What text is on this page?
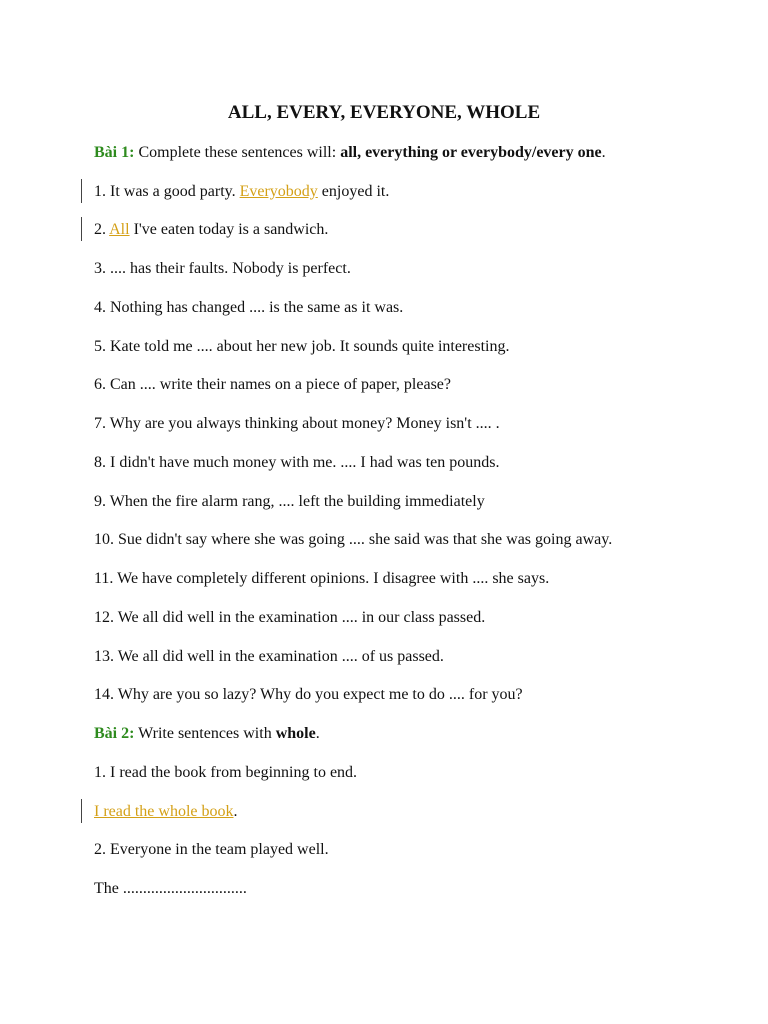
ALL, EVERY, EVERYONE, WHOLE
Bài 1: Complete these sentences will: all, everything or everybody/every one.
1. It was a good party. Everyobody enjoyed it.
2. All I've eaten today is a sandwich.
3. .... has their faults. Nobody is perfect.
4. Nothing has changed .... is the same as it was.
5. Kate told me .... about her new job. It sounds quite interesting.
6. Can .... write their names on a piece of paper, please?
7. Why are you always thinking about money? Money isn't .... .
8. I didn't have much money with me. .... I had was ten pounds.
9. When the fire alarm rang, .... left the building immediately
10. Sue didn't say where she was going .... she said was that she was going away.
11. We have completely different opinions. I disagree with .... she says.
12. We all did well in the examination .... in our class passed.
13. We all did well in the examination .... of us passed.
14. Why are you so lazy? Why do you expect me to do .... for you?
Bài 2: Write sentences with whole.
1. I read the book from beginning to end.
I read the whole book.
2. Everyone in the team played well.
The ...............................
